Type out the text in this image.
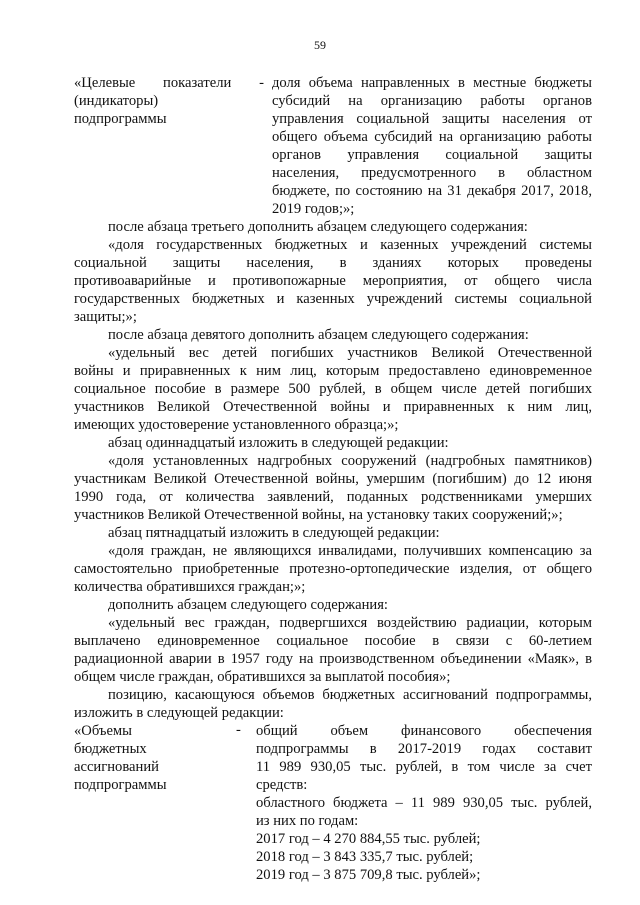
59
«Целевые показатели -
(индикаторы)
подпрограммы
доля объема направленных в местные бюджеты
субсидий на организацию работы органов
управления социальной защиты населения от
общего объема субсидий на организацию работы
органов управления социальной защиты
населения, предусмотренного в областном
бюджете, по состоянию на 31 декабря 2017, 2018,
2019 годов;»;
после абзаца третьего дополнить абзацем следующего содержания:
«доля государственных бюджетных и казенных учреждений системы
социальной защиты населения, в зданиях которых проведены
противоаварийные и противопожарные мероприятия, от общего числа
государственных бюджетных и казенных учреждений системы социальной
защиты;»;
после абзаца девятого дополнить абзацем следующего содержания:
«удельный вес детей погибших участников Великой Отечественной
войны и приравненных к ним лиц, которым предоставлено единовременное
социальное пособие в размере 500 рублей, в общем числе детей погибших
участников Великой Отечественной войны и приравненных к ним лиц,
имеющих удостоверение установленного образца;»;
абзац одиннадцатый изложить в следующей редакции:
«доля установленных надгробных сооружений (надгробных памятников)
участникам Великой Отечественной войны, умершим (погибшим) до 12 июня
1990 года, от количества заявлений, поданных родственниками умерших
участников Великой Отечественной войны, на установку таких сооружений;»;
абзац пятнадцатый изложить в следующей редакции:
«доля граждан, не являющихся инвалидами, получивших компенсацию за
самостоятельно приобретенные протезно-ортопедические изделия, от общего
количества обратившихся граждан;»;
дополнить абзацем следующего содержания:
«удельный вес граждан, подвергшихся воздействию радиации, которым
выплачено единовременное социальное пособие в связи с 60-летием
радиационной аварии в 1957 году на производственном объединении «Маяк», в
общем числе граждан, обратившихся за выплатой пособия»;
позицию, касающуюся объемов бюджетных ассигнований подпрограммы,
изложить в следующей редакции:
«Объемы	-
бюджетных
ассигнований
подпрограммы
общий объем финансового обеспечения
подпрограммы в 2017-2019 годах составит
11 989 930,05 тыс. рублей, в том числе за счет
средств:
областного бюджета – 11 989 930,05 тыс. рублей,
из них по годам:
2017 год – 4 270 884,55 тыс. рублей;
2018 год – 3 843 335,7 тыс. рублей;
2019 год – 3 875 709,8 тыс. рублей»;
